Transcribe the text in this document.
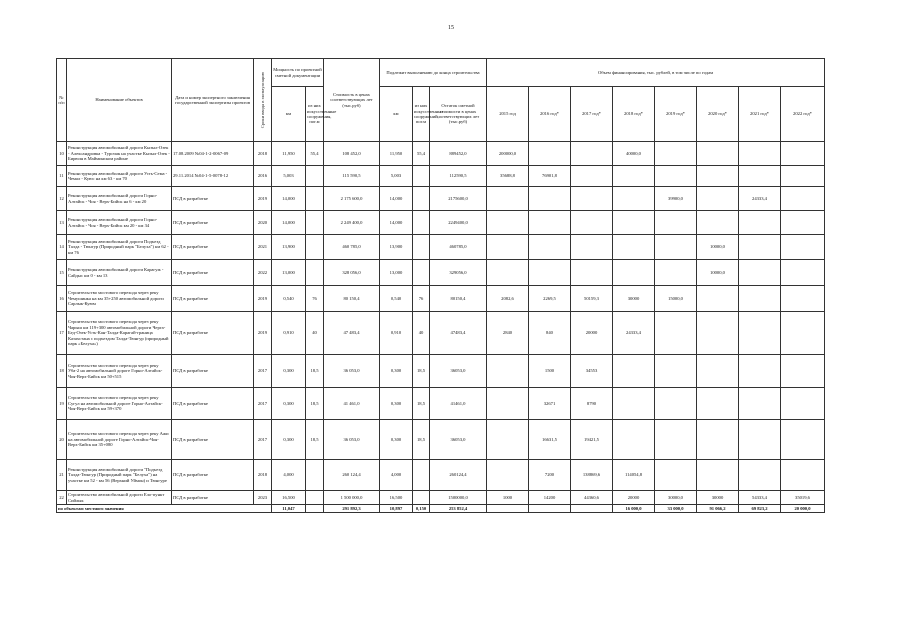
15
№ п/п	Наименование объектов	Дата и номер экспертного заключения государственной экспертизы проектов	Сроки ввода в эксплуатацию	Мощность по проектной сметной документации		Стоимость в ценах соответствующих лет (тыс.руб)	Подлежит выполнению до конца строительства			Объем финансирования, тыс. рублей, в том числе по годам							
				км	из них искусственные сооружения, пог.м		км	из них искусственных сооружений, пог.м	Остаток сметной стоимости в ценах соответствующих лет (тыс.руб)	2015 год	2016 год*	2017 год*	2018 год*	2019 год*	2020 год*	2021 год*	2022 год*
10	Реконструкция автомобильной дороги Кызыл-Озек - Александровка - Турочак на участке Кызыл-Озек - Бирюля в Майминском районе	17.08.2009 №04-1-2-0067-09	2018	11,950	55,4	108 452,0	11,950	55,4	889452,0	200000,0			40000,0				
11	Реконструкция автомобильной дороги Усть-Сема - Чемал - Куюс на км 63 - км 70	29.11.2014 №04-1-5-0078-12	2016	5,003		115 590,5	5,003		112590,5	35688,8	76901,8						
12	Реконструкция автомобильной дороги Горно-Алтайск - Чоя - Верх-Бийск на 6 - км 20	ПСД в разработке	2019	14,000		2 175 600,0	14,000		2175600,0					39900,0		24333,4	
13	Реконструкция автомобильной дороги Горно-Алтайск - Чоя - Верх-Бийск км 20 - км 34	ПСД в разработке	2020	14,000		2 249 400,0	14,000		2249400,0								
14	Реконструкция автомобильной дороги Подъезд Талда - Тюнгур (Природный парк "Белуха") км 62 - км 76	ПСД в разработке	2021	13,900		460 785,0	13,900		460785,0						10000,0		
15	Реконструкция автомобильной дороги Карагуж - Сайдыс км 0 - км 13	ПСД в разработке	2022	13,000		328 056,0	13,000		329056,0						10000,0		
16	Строительство мостового перехода через реку Чемушинка на км 35+250 автомобильной дороги Сарлык-Куюм	ПСД в разработке	2019	0,540	76	80 150,4	0,540	76	80150,4	2082,6	2269,5	50159,3	30000	15000,0			
17	Строительство мостового перехода через реку Чарыш км 119+300 автомобильной дороги Черга-Бед-Озек-Усть-Кан-Талда-Карагай-граница Казахстана с подъездом Талда-Тюнгур (природный парк «Белуха»)	ПСД в разработке	2019	0,910	40	47 483,4	0,910	40	47483,4	2840	840	20000	24333,4				
18	Строительство мостового перехода через реку Уба-2 на автомобильной дороге Горно-Алтайск-Чоя-Верх-Бийск км 50+515	ПСД в разработке	2017	0,300	18,5	36 053,0	0,300	18,5	36053,0		1500	34553					
19	Строительство мостового перехода через реку Сугул на автомобильной дороге Горно-Алтайск-Чоя-Верх-Бийск км 59+370	ПСД в разработке	2017	0,300	18,5	41 461,0	0,300	18,5	41461,0		32671	8790					
20	Строительство мостового перехода через реку Ажи на автомобильной дороге Горно-Алтайск-Чоя-Верх-Бийск км 35+080	ПСД в разработке	2017	0,300	18,5	36 053,0	0,300	18,5	36053,0		16631,5	19421,5					
21	Реконструкция автомобильной дороги "Подъезд Талда-Тюнгур (Природный парк "Белуха") на участке км 52 - км 56 (Верхний Уймон) и Тюнгуре	ПСД в разработке	2018	4,000		260 124,4	4,000		260124,4		7200	138869,6	114054,8				
22	Строительство автомобильной дороги Ело-пункт Сийлык	ПСД в разработке	2023	16,500		1 500 000,0	16,500		1500000,0	1000	14200	44360,6	20000	30000,0	30000	54333,4	35019,6
по объектам местного значения				11,047		291 892,3	10,897	0,150	253 852,4				16 000,0	33 000,0	91 066,2	69 823,2	20 000,0
